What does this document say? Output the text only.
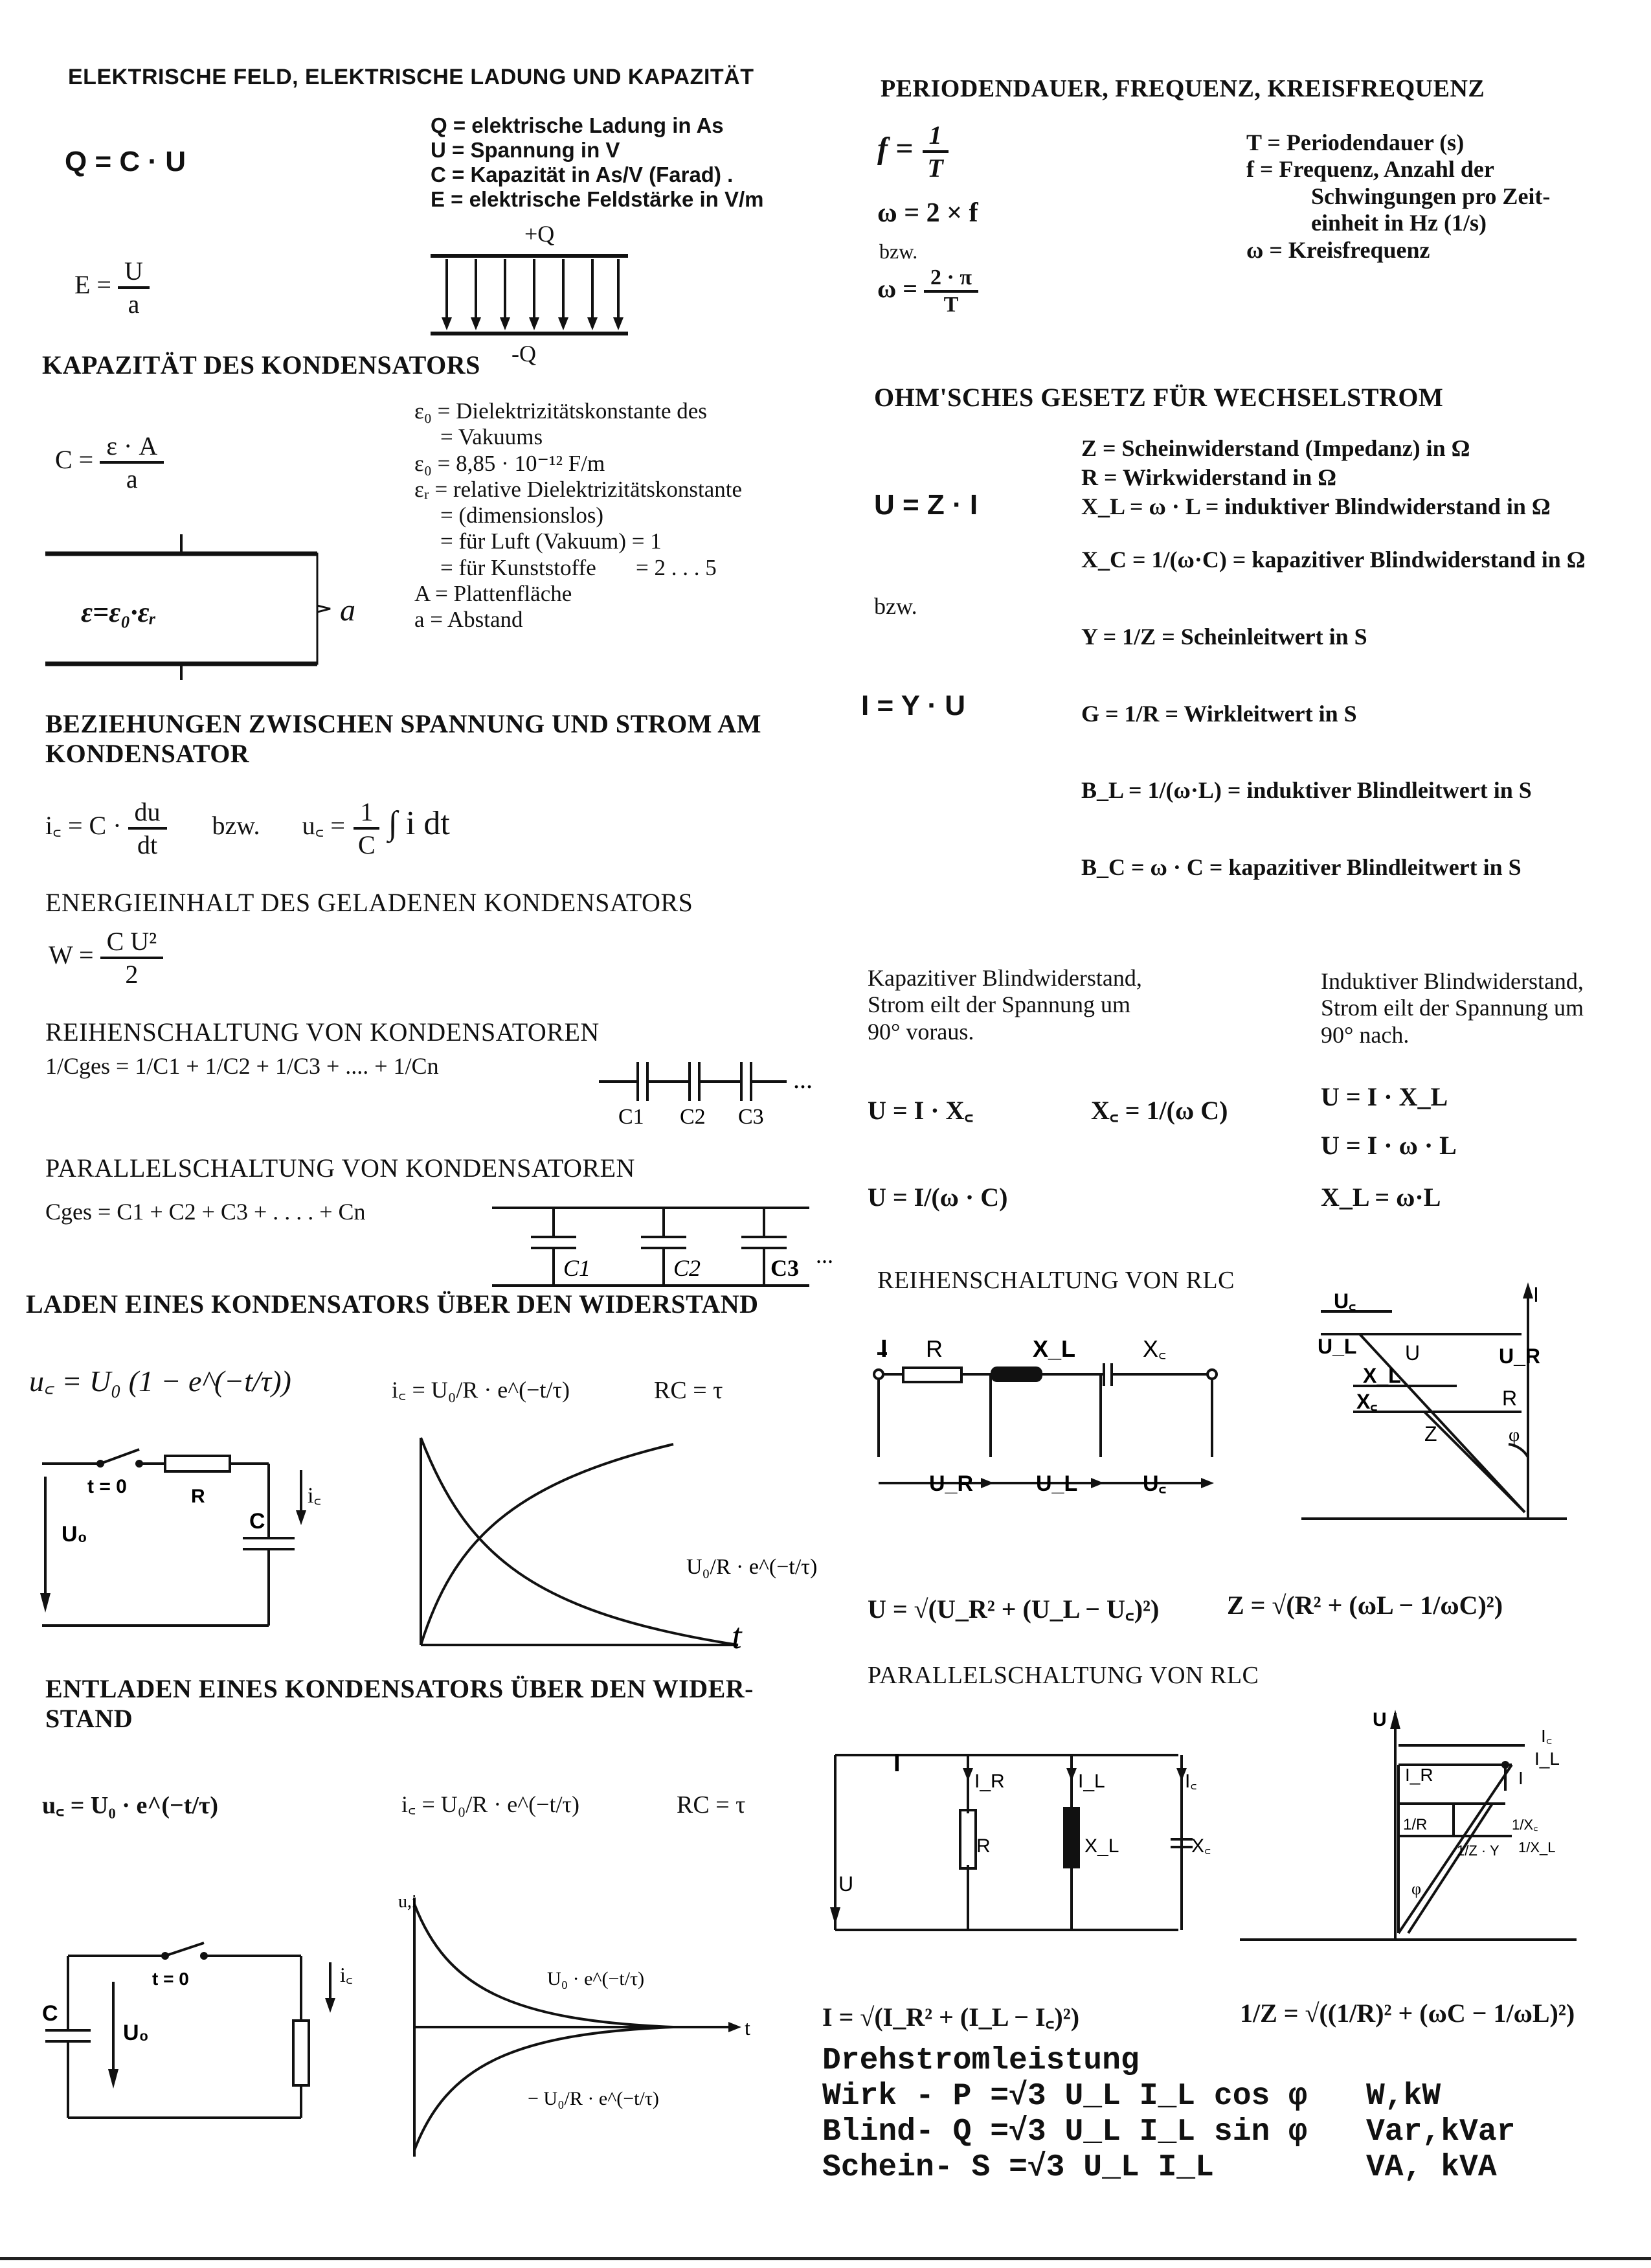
ELEKTRISCHE FELD, ELEKTRISCHE LADUNG UND KAPAZITÄT
Q = C · U
Q = elektrische Ladung in As
U = Spannung in V
C = Kapazität in As/V (Farad) .
E = elektrische Feldstärke in V/m
$E = \frac{U}{a}$
+Q
-Q
KAPAZITÄT DES KONDENSATORS
$C = \frac{\varepsilon \cdot A}{a}$
ε=ε₀·εᵣ	a
ε₀ = Dielektrizitätskonstante des
= Vakuums
ε₀ = 8,85 · 10⁻¹² F/m
εᵣ = relative Dielektrizitätskonstante
= (dimensionslos)
= für Luft (Vakuum) = 1
= für Kunststoffe       = 2 . . . 5
A = Plattenfläche
a = Abstand
BEZIEHUNGEN ZWISCHEN SPANNUNG UND STROM AM
KONDENSATOR
i꜀ = $C \cdot \frac{du}{dt}$ bzw. u꜀ = $\frac{1}{C}$ ∫ i dt
ENERGIEINHALT DES GELADENEN KONDENSATORS
$W = \frac{\text{C U²}}{2}$
REIHENSCHALTUNG VON KONDENSATOREN
1/Cges = 1/C1 + 1/C2 + 1/C3 + .... + 1/Cn
C1 C2 C3
...
PARALLELSCHALTUNG VON KONDENSATOREN
Cges = C1 + C2 + C3 + . . . . + Cn
C1	C2	C3 ...
LADEN EINES KONDENSATORS ÜBER DEN WIDERSTAND
u꜀ = U₀ (1 − e^(−t/τ))	i꜀ = U₀/R · e^(−t/τ)	RC = τ
t = 0	R
C
U₀
i꜀
U₀/R · e^(−t/τ)
t
ENTLADEN EINES KONDENSATORS ÜBER DEN WIDER-
STAND
u꜀ = U₀ · e^(−t/τ)	i꜀ = U₀/R · e^(−t/τ)	RC = τ
u,i
t
U₀ · e^(−t/τ)
− U₀/R · e^(−t/τ)
t = 0
C
U₀
i꜀
PERIODENDAUER, FREQUENZ, KREISFREQUENZ
$f = \frac{1}{T}$
ω = 2 × f
bzw.
$\omega = \frac{2 \cdot \pi}{T}$
T = Periodendauer (s)
f = Frequenz, Anzahl der
Schwingungen pro Zeit-
einheit in Hz (1/s)
ω = Kreisfrequenz
OHM'SCHES GESETZ FÜR WECHSELSTROM
U = Z · I
bzw.
I = Y · U
Z = Scheinwiderstand (Impedanz) in Ω
R = Wirkwiderstand in Ω
X_L = ω · L = induktiver Blindwiderstand in Ω
X_C = 1/(ω·C) = kapazitiver Blindwiderstand in Ω
Y = 1/Z = Scheinleitwert in S
G = 1/R = Wirkleitwert in S
B_L = 1/(ω·L) = induktiver Blindleitwert in S
B_C = ω · C = kapazitiver Blindleitwert in S
Kapazitiver Blindwiderstand,
Strom eilt der Spannung um
90° voraus.
Induktiver Blindwiderstand,
Strom eilt der Spannung um
90° nach.
U = I · X꜀	X꜀ = 1/(ω C)
U = I/(ω · C)
U = I · X_L
U = I · ω · L
X_L = ω·L
REIHENSCHALTUNG VON RLC
I R	X_L	X꜀
U_R	U_L	U꜀
U꜀
U_L U	U_R
X_L
X꜀
Z
R
φ
I
U = √(U_R² + (U_L − U꜀)²)	Z = √(R² + (ωL − 1/ωC)²)
PARALLELSCHALTUNG VON RLC
I
I_R	I_L	I꜀
R	X_L	X꜀
U
U
I꜀
I_R	I
I_L
1/R
1/Z · Y
1/X꜀
1/X_L
φ
I = √(I_R² + (I_L − I꜀)²)	1/Z = √((1/R)² + (ωC − 1/ωL)²)
Drehstromleistung
Wirk - P =√3 U_L I_L cos φ W,kW
Blind- Q =√3 U_L I_L sin φ Var,kVar
Schein- S =√3 U_L I_L	VA, kVA
